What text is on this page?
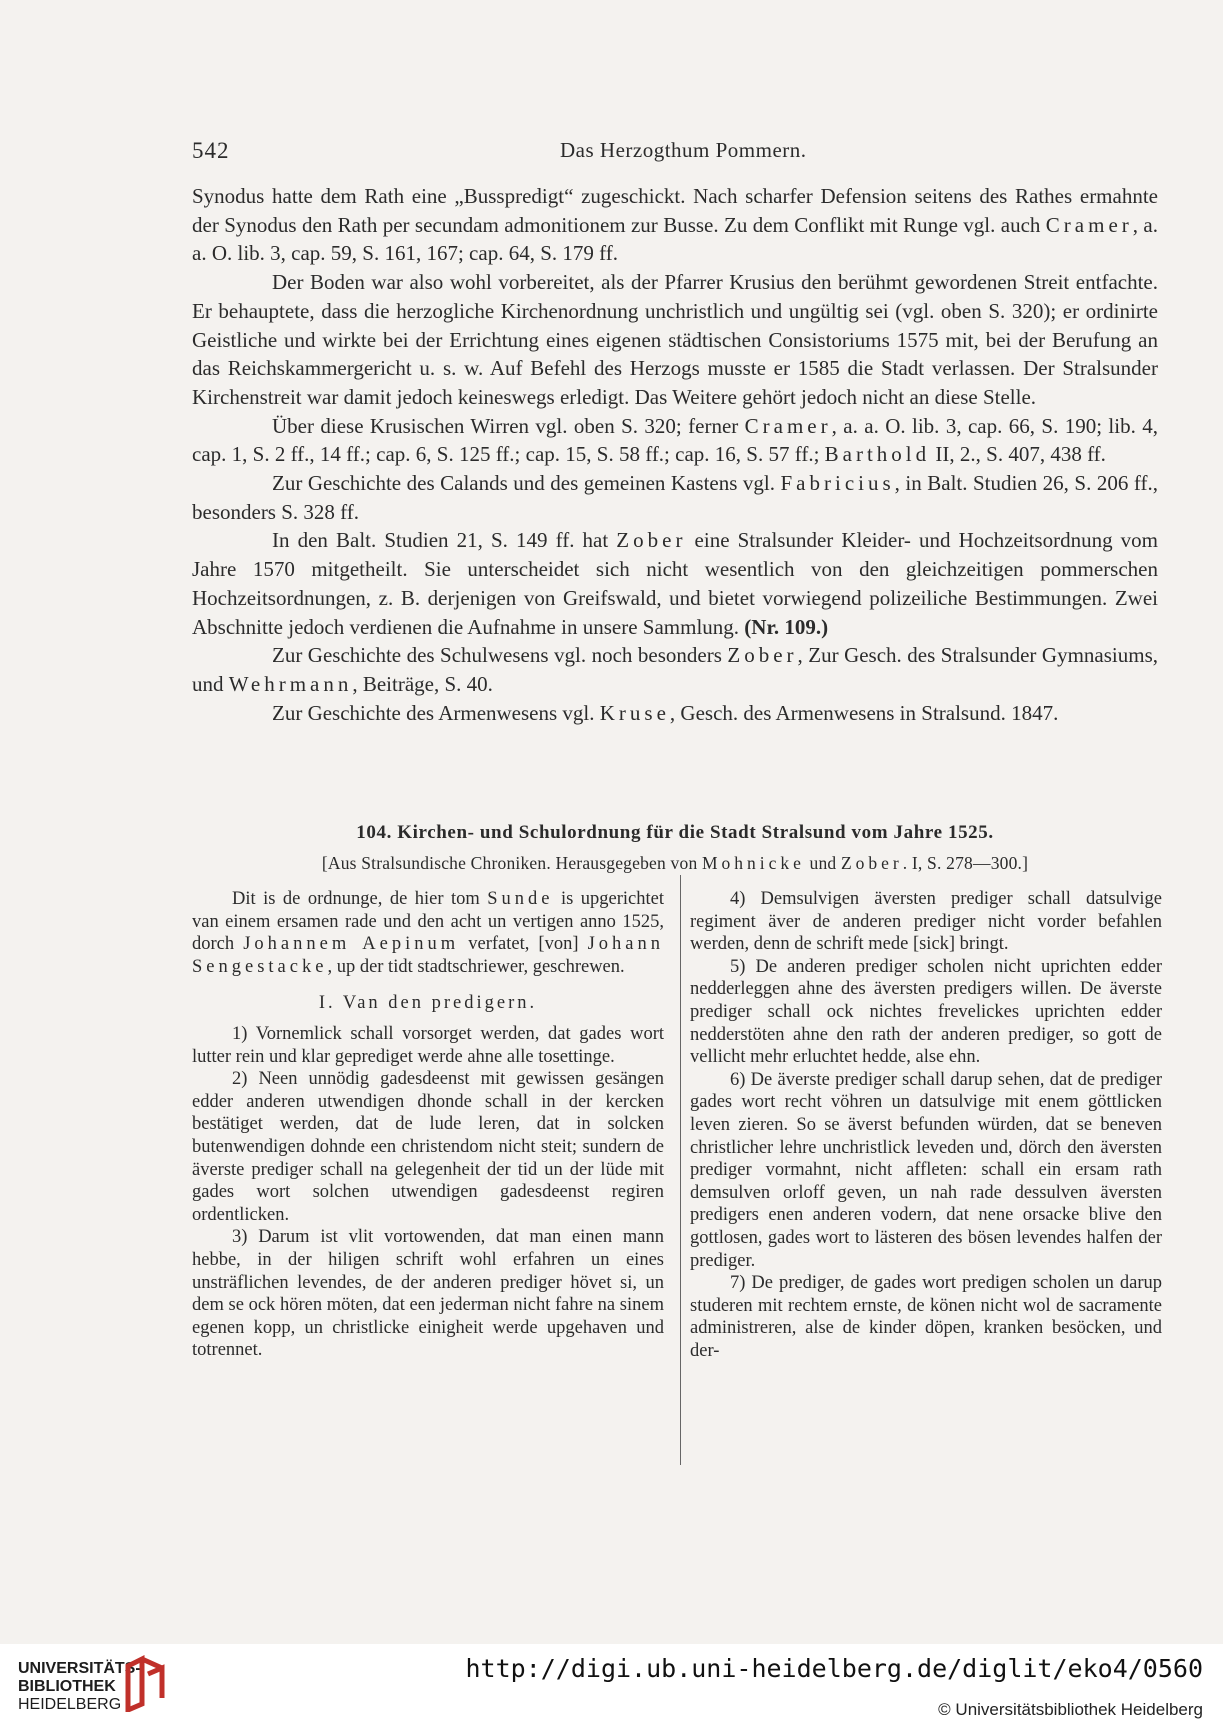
542	Das Herzogthum Pommern.

Synodus hatte dem Rath eine „Busspredigt“ zugeschickt. Nach scharfer Defension seitens des Rathes ermahnte der Synodus den Rath per secundam admonitionem zur Busse. Zu dem Conflikt mit Runge vgl. auch Cramer, a. a. O. lib. 3, cap. 59, S. 161, 167; cap. 64, S. 179 ff.

Der Boden war also wohl vorbereitet, als der Pfarrer Krusius den berühmt gewordenen Streit entfachte. Er behauptete, dass die herzogliche Kirchenordnung unchristlich und ungültig sei (vgl. oben S. 320); er ordinirte Geistliche und wirkte bei der Errichtung eines eigenen städtischen Consistoriums 1575 mit, bei der Berufung an das Reichskammergericht u. s. w. Auf Befehl des Herzogs musste er 1585 die Stadt verlassen. Der Stralsunder Kirchenstreit war damit jedoch keineswegs erledigt. Das Weitere gehört jedoch nicht an diese Stelle.

Über diese Krusischen Wirren vgl. oben S. 320; ferner Cramer, a. a. O. lib. 3, cap. 66, S. 190; lib. 4, cap. 1, S. 2 ff., 14 ff.; cap. 6, S. 125 ff.; cap. 15, S. 58 ff.; cap. 16, S. 57 ff.; Barthold II, 2., S. 407, 438 ff.

Zur Geschichte des Calands und des gemeinen Kastens vgl. Fabricius, in Balt. Studien 26, S. 206 ff., besonders S. 328 ff.

In den Balt. Studien 21, S. 149 ff. hat Zober eine Stralsunder Kleider- und Hochzeitsordnung vom Jahre 1570 mitgetheilt. Sie unterscheidet sich nicht wesentlich von den gleichzeitigen pommerschen Hochzeitsordnungen, z. B. derjenigen von Greifswald, und bietet vorwiegend polizeiliche Bestimmungen. Zwei Abschnitte jedoch verdienen die Aufnahme in unsere Sammlung. (Nr. 109.)

Zur Geschichte des Schulwesens vgl. noch besonders Zober, Zur Gesch. des Stralsunder Gymnasiums, und Wehrmann, Beiträge, S. 40.

Zur Geschichte des Armenwesens vgl. Kruse, Gesch. des Armenwesens in Stralsund. 1847.

104. Kirchen- und Schulordnung für die Stadt Stralsund vom Jahre 1525.
[Aus Stralsundische Chroniken. Herausgegeben von Mohnicke und Zober. I, S. 278—300.]

Dit is de ordnunge, de hier tom Sunde is upgerichtet van einem ersamen rade und den acht un vertigen anno 1525, dorch Johannem Aepinum verfatet, [von] Johann Sengestacke, up der tidt stadtschriewer, geschrewen.

I. Van den predigern.

1) Vornemlick schall vorsorget werden, dat gades wort lutter rein und klar geprediget werde ahne alle tosettinge.

2) Neen unnödig gadesdeenst mit gewissen gesängen edder anderen utwendigen dhonde schall in der kercken bestätiget werden, dat de lude leren, dat in solcken butenwendigen dohnde een christendom nicht steit; sundern de äverste prediger schall na gelegenheit der tid un der lüde mit gades wort solchen utwendigen gadesdeenst regiren ordentlicken.

3) Darum ist vlit vortowenden, dat man einen mann hebbe, in der hiligen schrift wohl erfahren un eines unsträflichen levendes, de der anderen prediger hövet si, un dem se ock hören möten, dat een jederman nicht fahre na sinem egenen kopp, un christlicke einigheit werde upgehaven und totrennet.

4) Demsulvigen äversten prediger schall datsulvige regiment äver de anderen prediger nicht vorder befahlen werden, denn de schrift mede [sick] bringt.

5) De anderen prediger scholen nicht uprichten edder nedderleggen ahne des äversten predigers willen. De äverste prediger schall ock nichtes frevelickes uprichten edder nedderstöten ahne den rath der anderen prediger, so gott de vellicht mehr erluchtet hedde, alse ehn.

6) De äverste prediger schall darup sehen, dat de prediger gades wort recht vöhren un datsulvige mit enem göttlicken leven zieren. So se äverst befunden würden, dat se beneven christlicher lehre unchristlick leveden und, dörch den äversten prediger vormahnt, nicht affleten: schall ein ersam rath demsulven orloff geven, un nah rade dessulven äversten predigers enen anderen vodern, dat nene orsacke blive den gottlosen, gades wort to lästeren des bösen levendes halfen der prediger.

7) De prediger, de gades wort predigen scholen un darup studeren mit rechtem ernste, de könen nicht wol de sacramente administreren, alse de kinder döpen, kranken besöcken, und der-

UNIVERSITÄTS-
BIBLIOTHEK
HEIDELBERG
http://digi.ub.uni-heidelberg.de/diglit/eko4/0560
© Universitätsbibliothek Heidelberg
